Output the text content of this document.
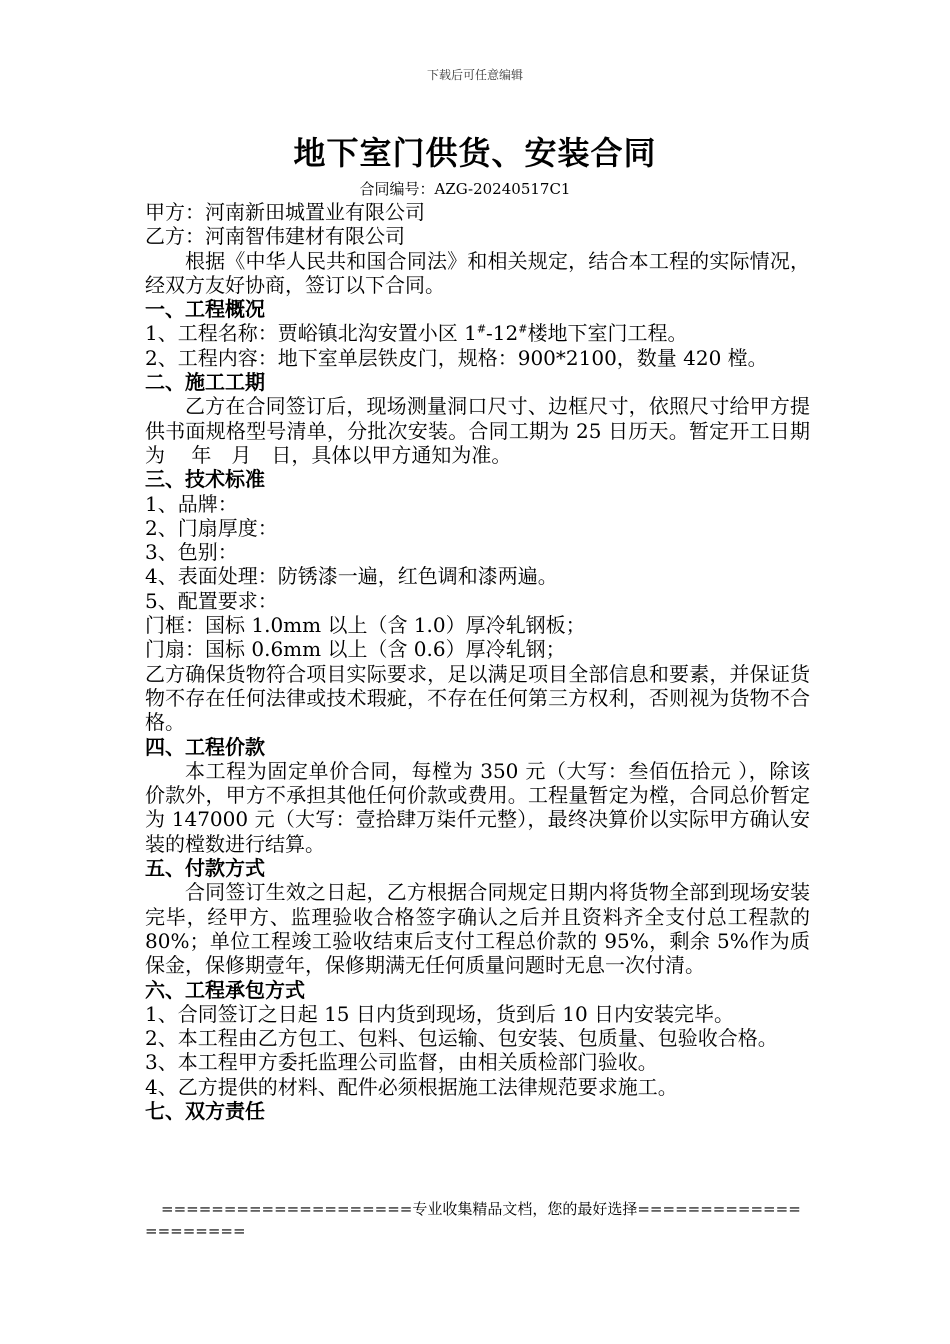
下载后可任意编辑
地下室门供货、安装合同
合同编号：AZG-20240517C1

甲方：河南新田城置业有限公司

乙方：河南智伟建材有限公司

根据《中华人民共和国合同法》和相关规定，结合本工程的实际情况，经双方友好协商，签订以下合同。

一、工程概况

1、工程名称：贾峪镇北沟安置小区 1#-12#楼地下室门工程。

2、工程内容：地下室单层铁皮门，规格：900*2100，数量 420 樘。

二、施工工期

乙方在合同签订后，现场测量洞口尺寸、边框尺寸，依照尺寸给甲方提供书面规格型号清单，分批次安装。合同工期为 25 日历天。暂定开工日期为　 年　月　日，具体以甲方通知为准。

三、技术标准

1、品牌：

2、门扇厚度：

3、色别：

4、表面处理：防锈漆一遍，红色调和漆两遍。

5、配置要求：

门框：国标 1.0mm 以上（含 1.0）厚冷轧钢板；

门扇：国标 0.6mm 以上（含 0.6）厚冷轧钢；

乙方确保货物符合项目实际要求，足以满足项目全部信息和要素，并保证货物不存在任何法律或技术瑕疵，不存在任何第三方权利，否则视为货物不合格。

四、工程价款

本工程为固定单价合同，每樘为 350 元（大写：叁佰伍拾元 ），除该价款外，甲方不承担其他任何价款或费用。工程量暂定为樘，合同总价暂定为 147000 元（大写：壹拾肆万柒仟元整），最终决算价以实际甲方确认安装的樘数进行结算。

五、付款方式

合同签订生效之日起，乙方根据合同规定日期内将货物全部到现场安装完毕，经甲方、监理验收合格签字确认之后并且资料齐全支付总工程款的 80%；单位工程竣工验收结束后支付工程总价款的 95%，剩余 5%作为质保金，保修期壹年，保修期满无任何质量问题时无息一次付清。

六、工程承包方式

1、合同签订之日起 15 日内货到现场，货到后 10 日内安装完毕。

2、本工程由乙方包工、包料、包运输、包安装、包质量、包验收合格。

3、本工程甲方委托监理公司监督，由相关质检部门验收。

4、乙方提供的材料、配件必须根据施工法律规范要求施工。

七、双方责任
====================专业收集精品文档，您的最好选择=====================
